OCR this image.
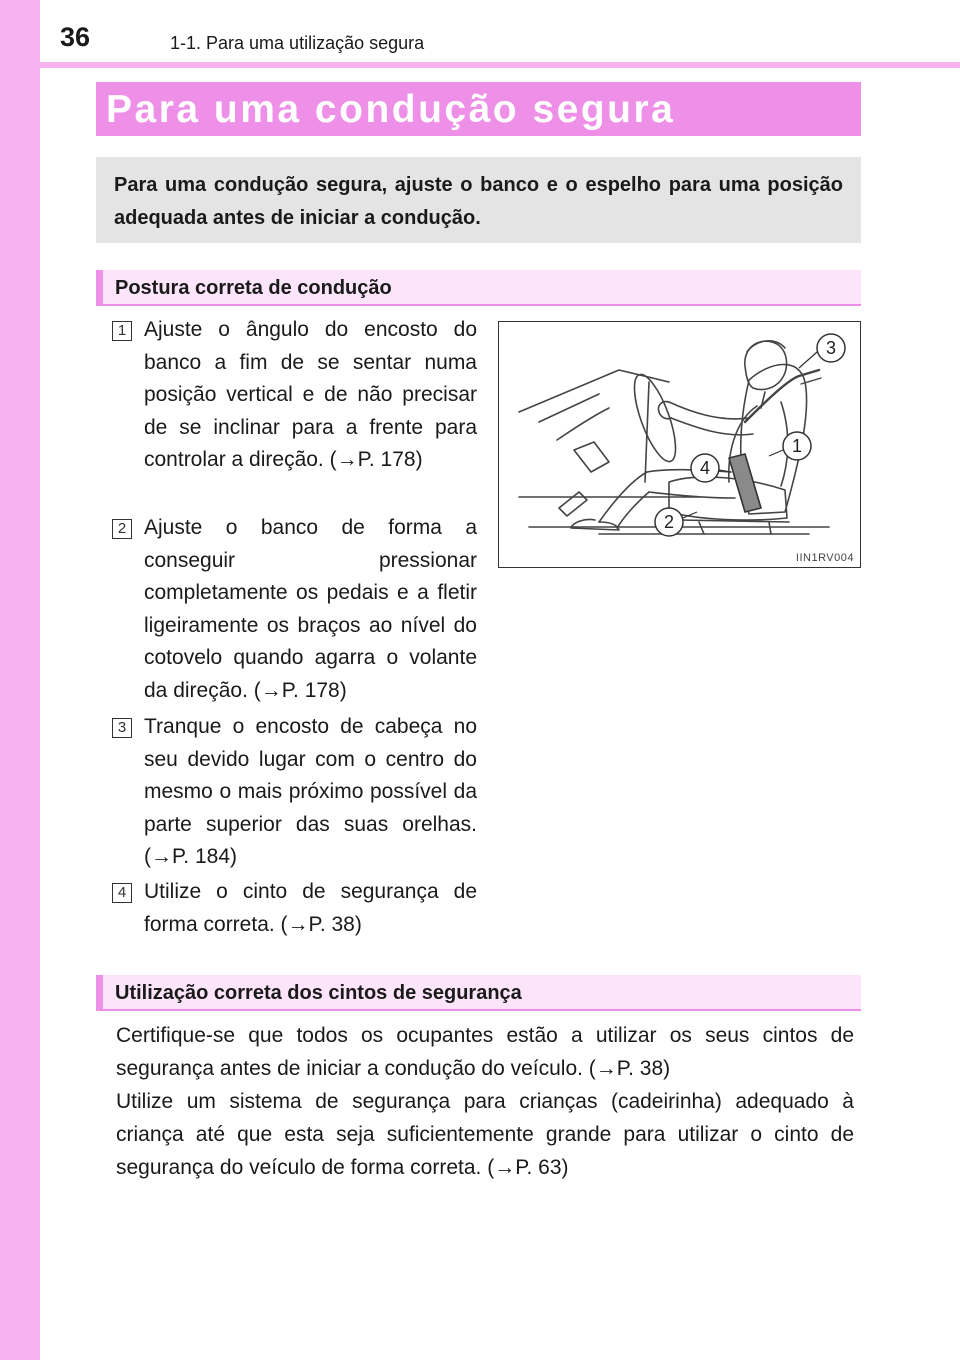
36	1-1. Para uma utilização segura
Para uma condução segura
Para uma condução segura, ajuste o banco e o espelho para uma posição adequada antes de iniciar a condução.
Postura correta de condução
1 Ajuste o ângulo do encosto do banco a fim de se sentar numa posição vertical e de não precisar de se inclinar para a frente para controlar a direção. (→P. 178)
2 Ajuste o banco de forma a conseguir pressionar completamente os pedais e a fletir ligeiramente os braços ao nível do cotovelo quando agarra o volante da direção. (→P. 178)
3 Tranque o encosto de cabeça no seu devido lugar com o centro do mesmo o mais próximo possível da parte superior das suas orelhas. (→P. 184)
4 Utilize o cinto de segurança de forma correta. (→P. 38)
3
1
4
2
IIN1RV004
Utilização correta dos cintos de segurança

Certifique-se que todos os ocupantes estão a utilizar os seus cintos de segurança antes de iniciar a condução do veículo. (→P. 38)

Utilize um sistema de segurança para crianças (cadeirinha) adequado à criança até que esta seja suficientemente grande para utilizar o cinto de segurança do veículo de forma correta. (→P. 63)
